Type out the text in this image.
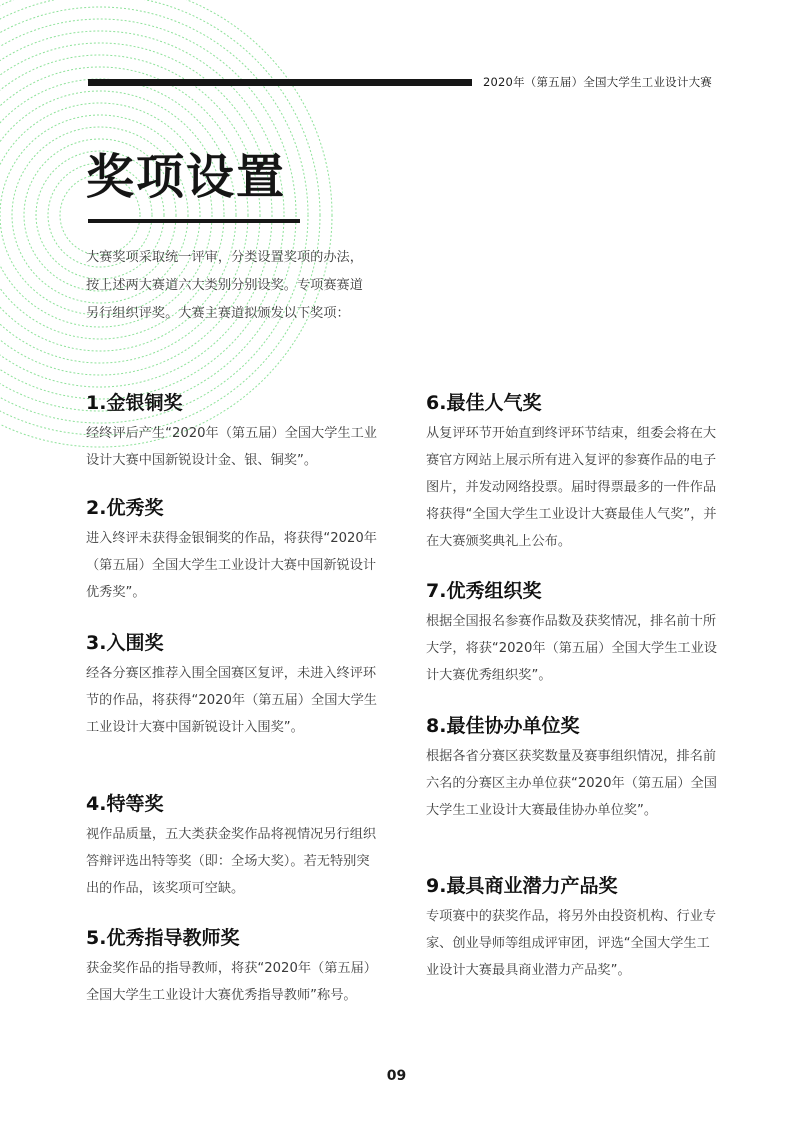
2020年（第五届）全国大学生工业设计大赛
奖项设置

大赛奖项采取统一评审，分类设置奖项的办法，按上述两大赛道六大类别分别设奖。专项赛赛道另行组织评奖。大赛主赛道拟颁发以下奖项：

1.金银铜奖

经终评后产生“2020年（第五届）全国大学生工业设计大赛中国新锐设计金、银、铜奖”。

2.优秀奖

进入终评未获得金银铜奖的作品，将获得“2020年（第五届）全国大学生工业设计大赛中国新锐设计优秀奖”。

3.入围奖

经各分赛区推荐入围全国赛区复评，未进入终评环节的作品，将获得“2020年（第五届）全国大学生工业设计大赛中国新锐设计入围奖”。

4.特等奖

视作品质量，五大类获金奖作品将视情况另行组织答辩评选出特等奖（即：全场大奖）。若无特别突出的作品，该奖项可空缺。

5.优秀指导教师奖

获金奖作品的指导教师，将获“2020年（第五届）全国大学生工业设计大赛优秀指导教师”称号。

6.最佳人气奖

从复评环节开始直到终评环节结束，组委会将在大赛官方网站上展示所有进入复评的参赛作品的电子图片，并发动网络投票。届时得票最多的一件作品将获得“全国大学生工业设计大赛最佳人气奖”，并在大赛颁奖典礼上公布。

7.优秀组织奖

根据全国报名参赛作品数及获奖情况，排名前十所大学，将获“2020年（第五届）全国大学生工业设计大赛优秀组织奖”。

8.最佳协办单位奖

根据各省分赛区获奖数量及赛事组织情况，排名前六名的分赛区主办单位获“2020年（第五届）全国大学生工业设计大赛最佳协办单位奖”。

9.最具商业潜力产品奖

专项赛中的获奖作品，将另外由投资机构、行业专家、创业导师等组成评审团，评选“全国大学生工业设计大赛最具商业潜力产品奖”。

09
